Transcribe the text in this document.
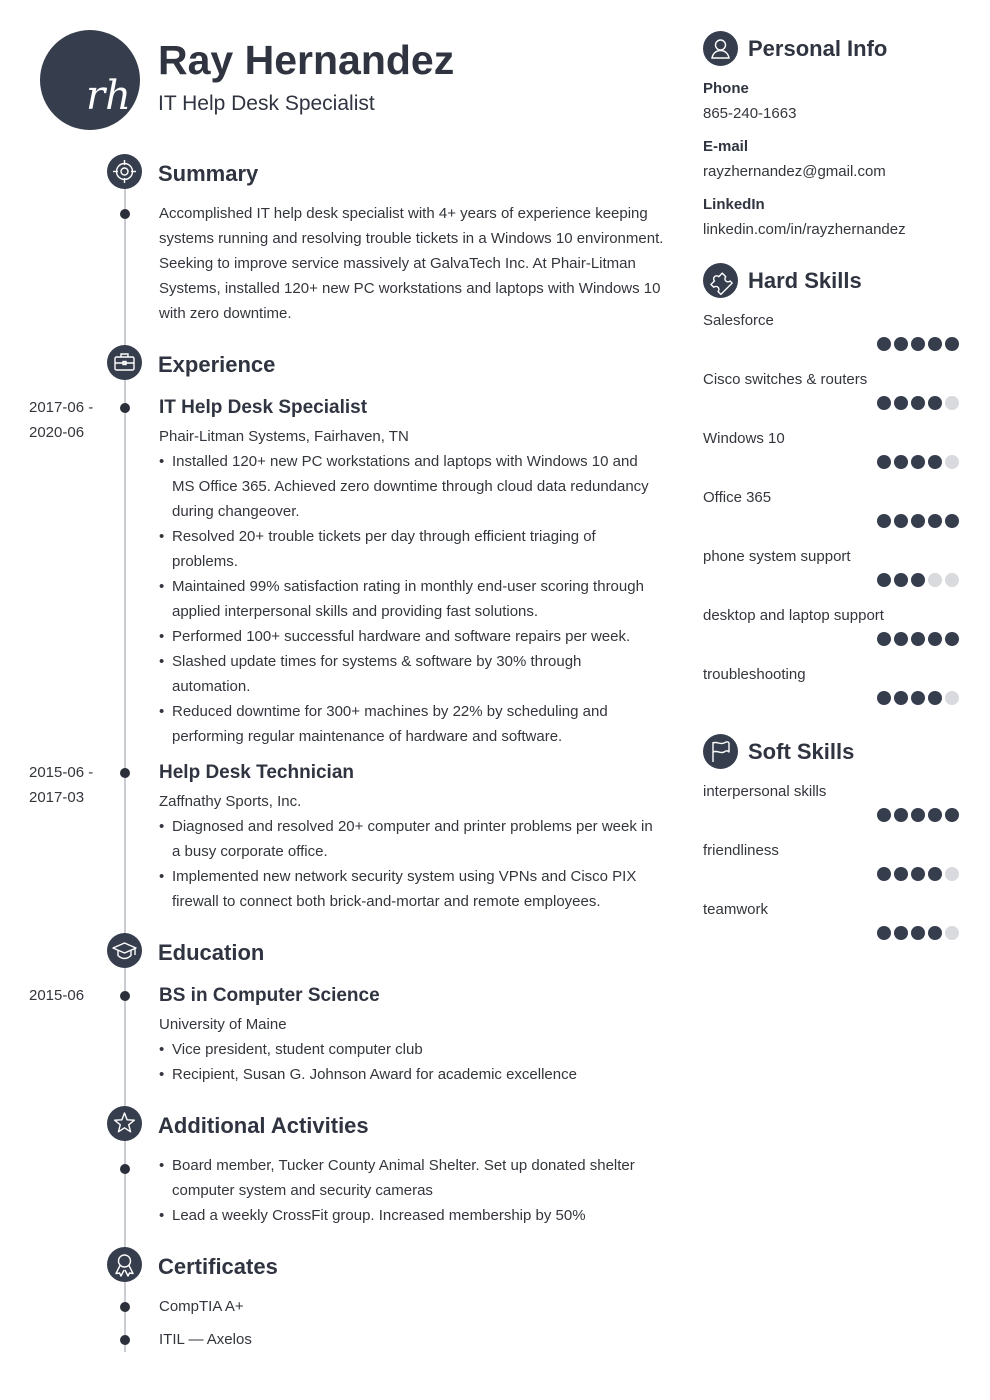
rh
Ray Hernandez
IT Help Desk Specialist
Summary
Accomplished IT help desk specialist with 4+ years of experience keeping systems running and resolving trouble tickets in a Windows 10 environment. Seeking to improve service massively at GalvaTech Inc. At Phair-Litman Systems, installed 120+ new PC workstations and laptops with Windows 10 with zero downtime.
Experience
2017-06 -
2020-06
IT Help Desk Specialist
Phair-Litman Systems, Fairhaven, TN
• Installed 120+ new PC workstations and laptops with Windows 10 and MS Office 365. Achieved zero downtime through cloud data redundancy during changeover.
• Resolved 20+ trouble tickets per day through efficient triaging of problems.
• Maintained 99% satisfaction rating in monthly end-user scoring through applied interpersonal skills and providing fast solutions.
• Performed 100+ successful hardware and software repairs per week.
• Slashed update times for systems & software by 30% through automation.
• Reduced downtime for 300+ machines by 22% by scheduling and performing regular maintenance of hardware and software.
2015-06 -
2017-03
Help Desk Technician
Zaffnathy Sports, Inc.
• Diagnosed and resolved 20+ computer and printer problems per week in a busy corporate office.
• Implemented new network security system using VPNs and Cisco PIX firewall to connect both brick-and-mortar and remote employees.
Education
2015-06	BS in Computer Science
University of Maine
• Vice president, student computer club
• Recipient, Susan G. Johnson Award for academic excellence
Additional Activities
• Board member, Tucker County Animal Shelter. Set up donated shelter computer system and security cameras
• Lead a weekly CrossFit group. Increased membership by 50%
Certificates
CompTIA A+
ITIL — Axelos
Personal Info
Phone
865-240-1663
E-mail
rayzhernandez@gmail.com
LinkedIn
linkedin.com/in/rayzhernandez
Hard Skills
Salesforce
Cisco switches & routers
Windows 10
Office 365
phone system support
desktop and laptop support
troubleshooting
Soft Skills
interpersonal skills
friendliness
teamwork
